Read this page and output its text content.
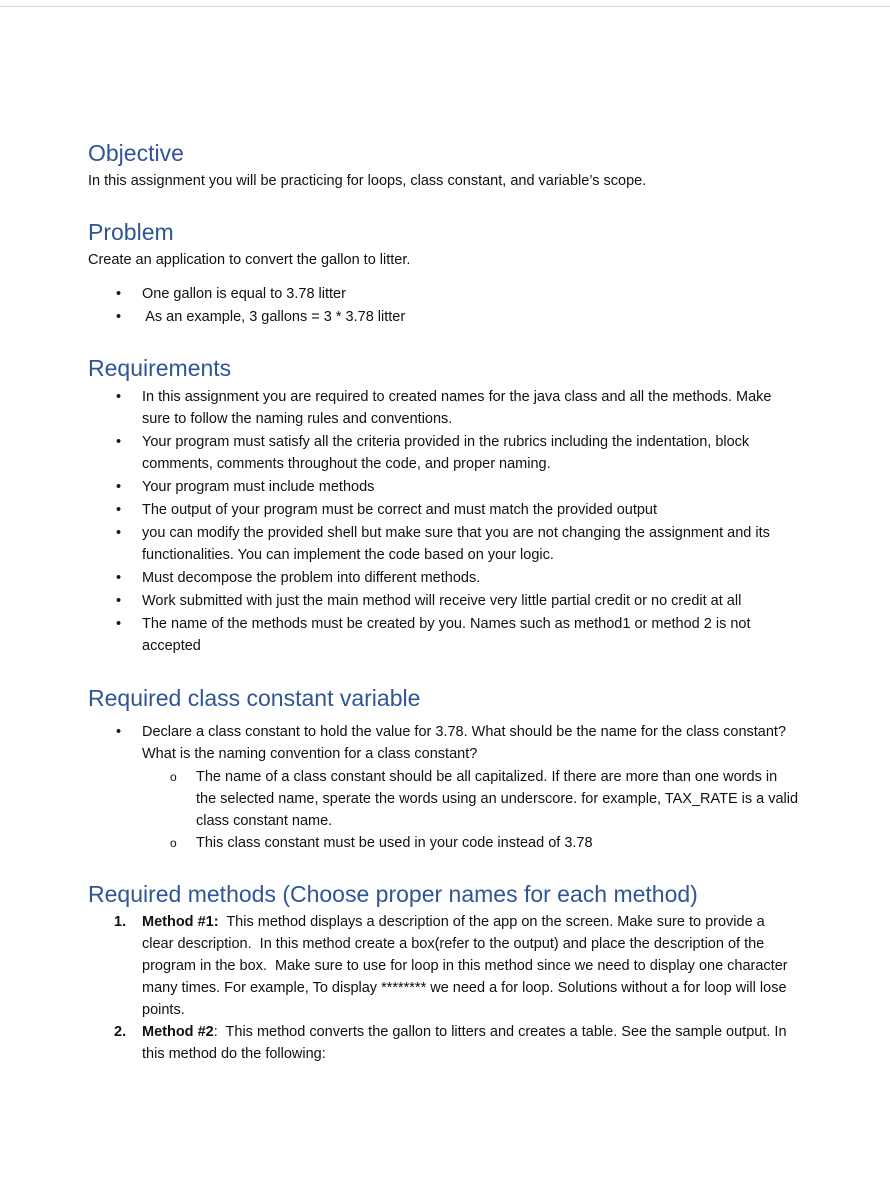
Objective

In this assignment you will be practicing for loops, class constant, and variable’s scope.

Problem

Create an application to convert the gallon to litter.

• One gallon is equal to 3.78 litter
• As an example, 3 gallons = 3 * 3.78 litter
Requirements
• In this assignment you are required to created names for the java class and all the methods. Make sure to follow the naming rules and conventions.
• Your program must satisfy all the criteria provided in the rubrics including the indentation, block comments, comments throughout the code, and proper naming.
• Your program must include methods
• The output of your program must be correct and must match the provided output
• you can modify the provided shell but make sure that you are not changing the assignment and its functionalities. You can implement the code based on your logic.
• Must decompose the problem into different methods.
• Work submitted with just the main method will receive very little partial credit or no credit at all
• The name of the methods must be created by you. Names such as method1 or method 2 is not accepted
Required class constant variable
• Declare a class constant to hold the value for 3.78. What should be the name for the class constant? What is the naming convention for a class constant?
o The name of a class constant should be all capitalized. If there are more than one words in the selected name, sperate the words using an underscore. for example, TAX_RATE is a valid class constant name.
o This class constant must be used in your code instead of 3.78
Required methods (Choose proper names for each method)
1. Method #1:  This method displays a description of the app on the screen. Make sure to provide a clear description.  In this method create a box(refer to the output) and place the description of the program in the box.  Make sure to use for loop in this method since we need to display one character many times. For example, To display ******** we need a for loop. Solutions without a for loop will lose points.
2. Method #2:  This method converts the gallon to litters and creates a table. See the sample output. In this method do the following:
